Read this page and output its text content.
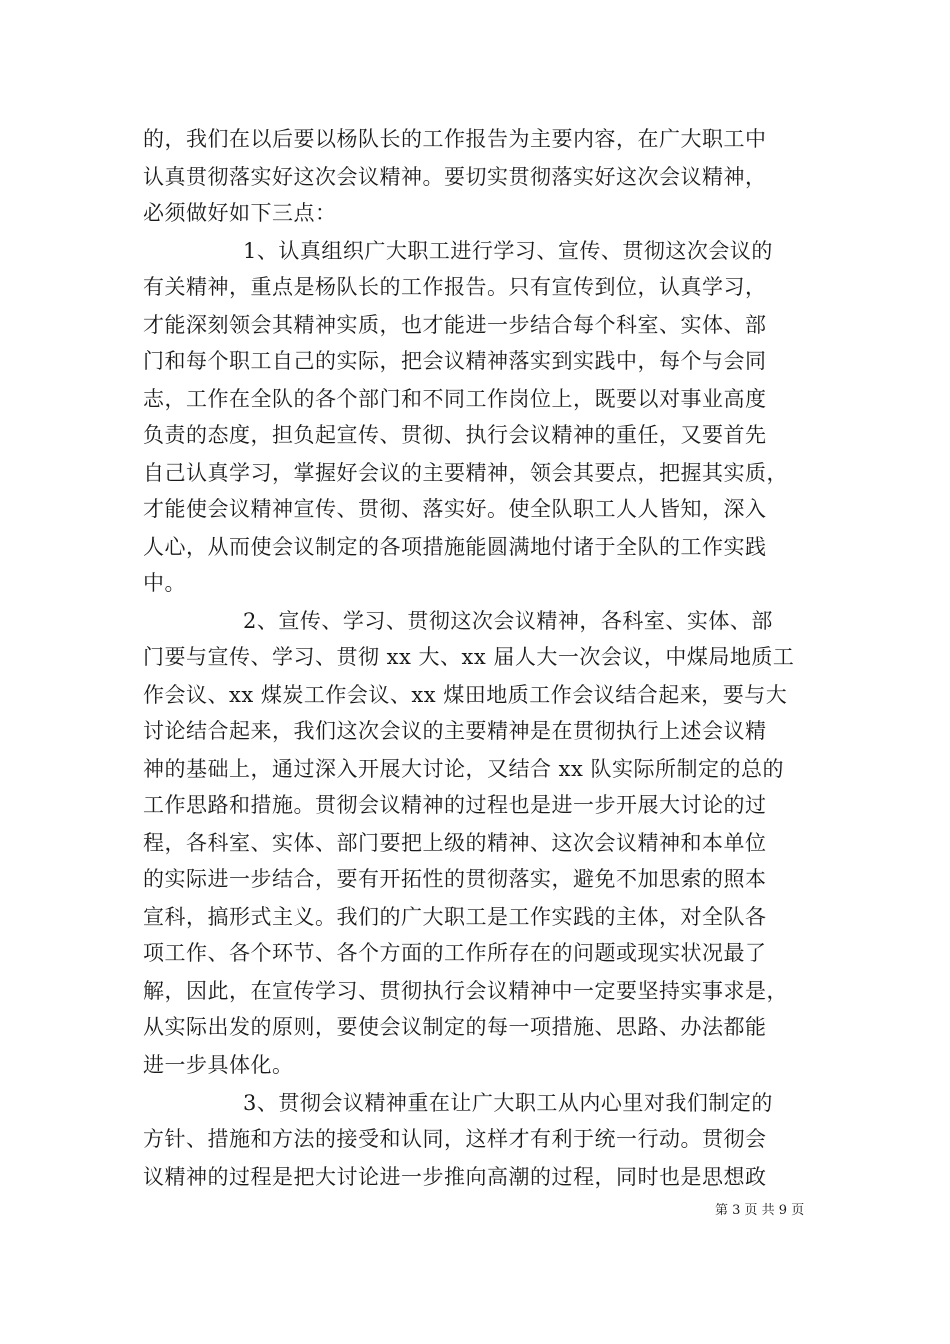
的，我们在以后要以杨队长的工作报告为主要内容，在广大职工中
认真贯彻落实好这次会议精神。要切实贯彻落实好这次会议精神，
必须做好如下三点：
1、认真组织广大职工进行学习、宣传、贯彻这次会议的
有关精神，重点是杨队长的工作报告。只有宣传到位，认真学习，
才能深刻领会其精神实质，也才能进一步结合每个科室、实体、部
门和每个职工自己的实际，把会议精神落实到实践中，每个与会同
志，工作在全队的各个部门和不同工作岗位上，既要以对事业高度
负责的态度，担负起宣传、贯彻、执行会议精神的重任，又要首先
自己认真学习，掌握好会议的主要精神，领会其要点，把握其实质，
才能使会议精神宣传、贯彻、落实好。使全队职工人人皆知，深入
人心，从而使会议制定的各项措施能圆满地付诸于全队的工作实践
中。
2、宣传、学习、贯彻这次会议精神，各科室、实体、部
门要与宣传、学习、贯彻 xx 大、xx 届人大一次会议，中煤局地质工
作会议、xx 煤炭工作会议、xx 煤田地质工作会议结合起来，要与大
讨论结合起来，我们这次会议的主要精神是在贯彻执行上述会议精
神的基础上，通过深入开展大讨论，又结合 xx 队实际所制定的总的
工作思路和措施。贯彻会议精神的过程也是进一步开展大讨论的过
程，各科室、实体、部门要把上级的精神、这次会议精神和本单位
的实际进一步结合，要有开拓性的贯彻落实，避免不加思索的照本
宣科，搞形式主义。我们的广大职工是工作实践的主体，对全队各
项工作、各个环节、各个方面的工作所存在的问题或现实状况最了
解，因此，在宣传学习、贯彻执行会议精神中一定要坚持实事求是，
从实际出发的原则，要使会议制定的每一项措施、思路、办法都能
进一步具体化。
3、贯彻会议精神重在让广大职工从内心里对我们制定的
方针、措施和方法的接受和认同，这样才有利于统一行动。贯彻会
议精神的过程是把大讨论进一步推向高潮的过程，同时也是思想政
第 3 页 共 9 页
